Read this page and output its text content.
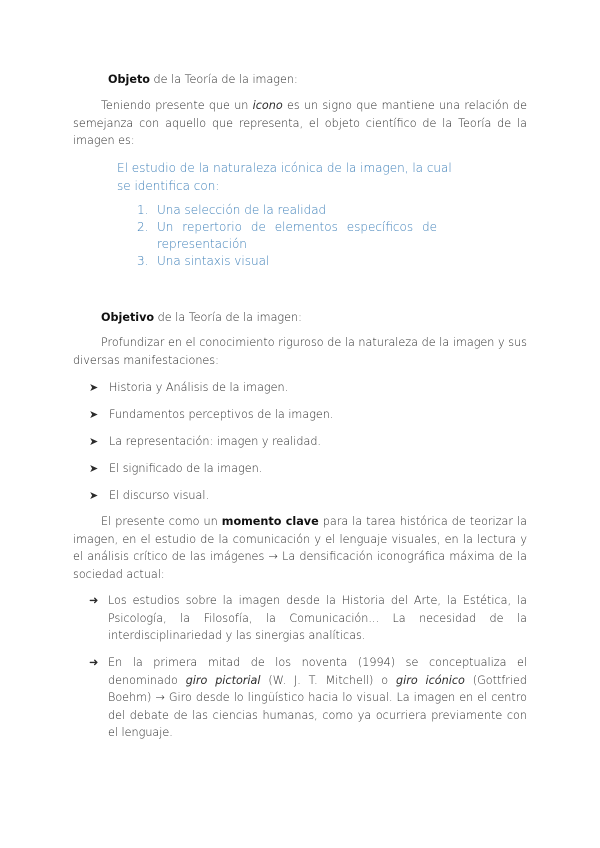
Objeto de la Teoría de la imagen:

Teniendo presente que un icono es un signo que mantiene una relación de semejanza con aquello que representa, el objeto científico de la Teoría de la imagen es:

El estudio de la naturaleza icónica de la imagen, la cual se identifica con:

1. Una selección de la realidad
2. Un repertorio de elementos específicos de representación
3. Una sintaxis visual

Objetivo de la Teoría de la imagen:

Profundizar en el conocimiento riguroso de la naturaleza de la imagen y sus diversas manifestaciones:

➤ Historia y Análisis de la imagen.
➤ Fundamentos perceptivos de la imagen.
➤ La representación: imagen y realidad.
➤ El significado de la imagen.
➤ El discurso visual.

El presente como un momento clave para la tarea histórica de teorizar la imagen, en el estudio de la comunicación y el lenguaje visuales, en la lectura y el análisis crítico de las imágenes → La densificación iconográfica máxima de la sociedad actual:

➜ Los estudios sobre la imagen desde la Historia del Arte, la Estética, la Psicología, la Filosofía, la Comunicación... La necesidad de la interdisciplinariedad y las sinergias analíticas.
➜ En la primera mitad de los noventa (1994) se conceptualiza el denominado giro pictorial (W. J. T. Mitchell) o giro icónico (Gottfried Boehm) → Giro desde lo lingüístico hacia lo visual. La imagen en el centro del debate de las ciencias humanas, como ya ocurriera previamente con el lenguaje.
